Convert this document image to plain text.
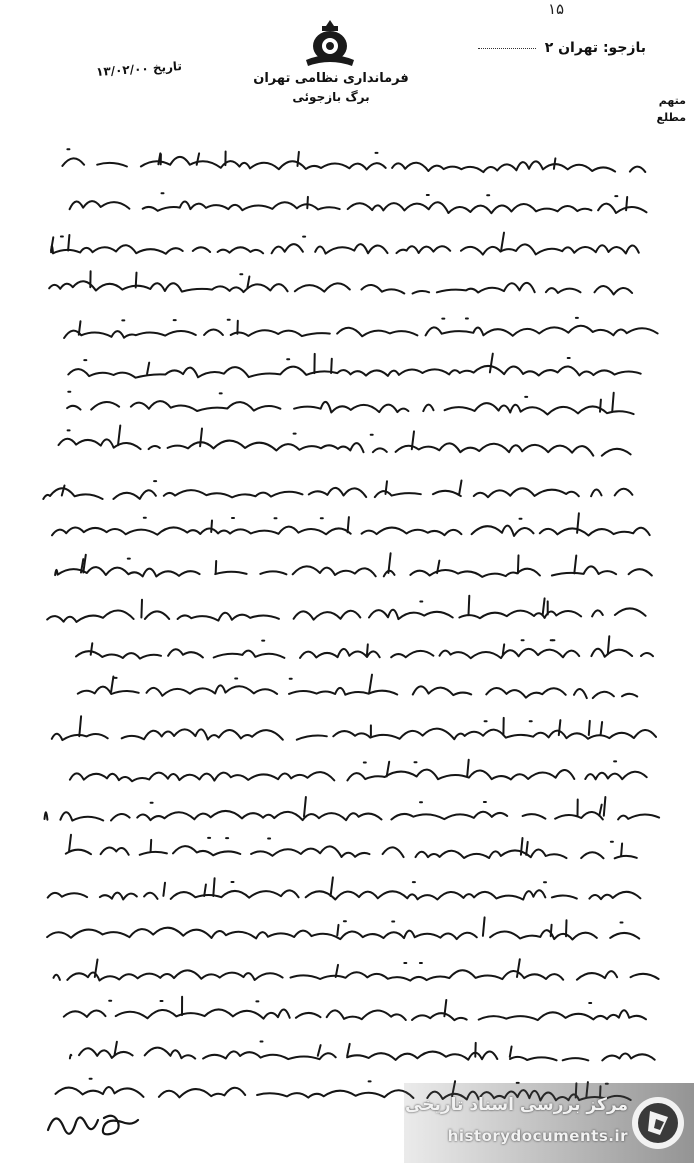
۱۵
بازجو: تهران ۲
فرمانداری نظامی تهران
برگ بازجوئی
تاریخ ۱۳/۰۲/۰۰
متهم
مطلع
مرکز بررسی اسناد تاریخی
historydocuments.ir
